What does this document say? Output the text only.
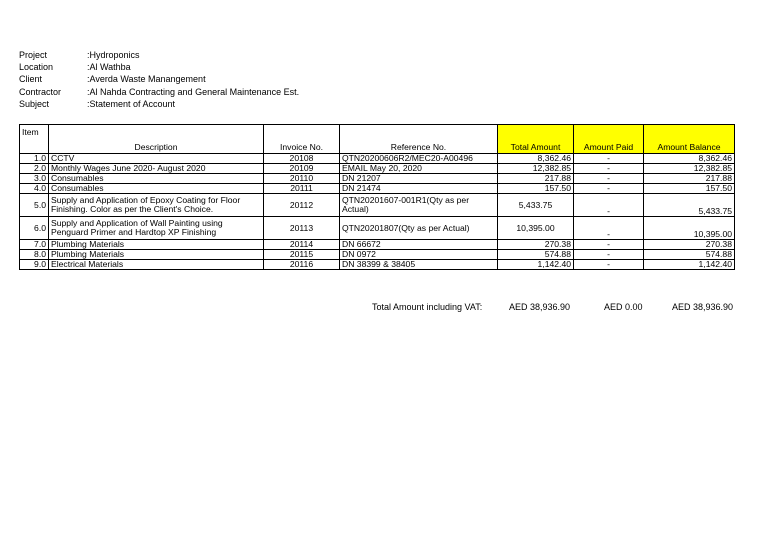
Project	:Hydroponics
Location	:Al Wathba
Client	:Averda Waste Manangement
Contractor	:Al Nahda Contracting and General Maintenance Est.
Subject	:Statement of Account
Item	Description	Invoice No.	Reference No.	Total Amount	Amount Paid	Amount Balance
1.0	CCTV	20108	QTN20200606R2/MEC20-A00496	8,362.46	-	8,362.46
2.0	Monthly Wages June 2020- August 2020	20109	EMAIL May 20, 2020	12,382.85	-	12,382.85
3.0	Consumables	20110	DN 21207	217.88	-	217.88
4.0	Consumables	20111	DN 21474	157.50	-	157.50
5.0	Supply and Application of Epoxy Coating for Floor Finishing. Color as per the Client's Choice.	20112	QTN20201607-001R1(Qty as per Actual)	5,433.75	-	5,433.75
6.0	Supply and Application of Wall Painting using Penguard Primer and Hardtop XP Finishing	20113	QTN20201807(Qty as per Actual)	10,395.00	-	10,395.00
7.0	Plumbing Materials	20114	DN 66672	270.38	-	270.38
8.0	Plumbing Materials	20115	DN 0972	574.88	-	574.88
9.0	Electrical Materials	20116	DN 38399 & 38405	1,142.40	-	1,142.40
Total Amount including VAT:	AED 38,936.90	AED 0.00	AED 38,936.90
